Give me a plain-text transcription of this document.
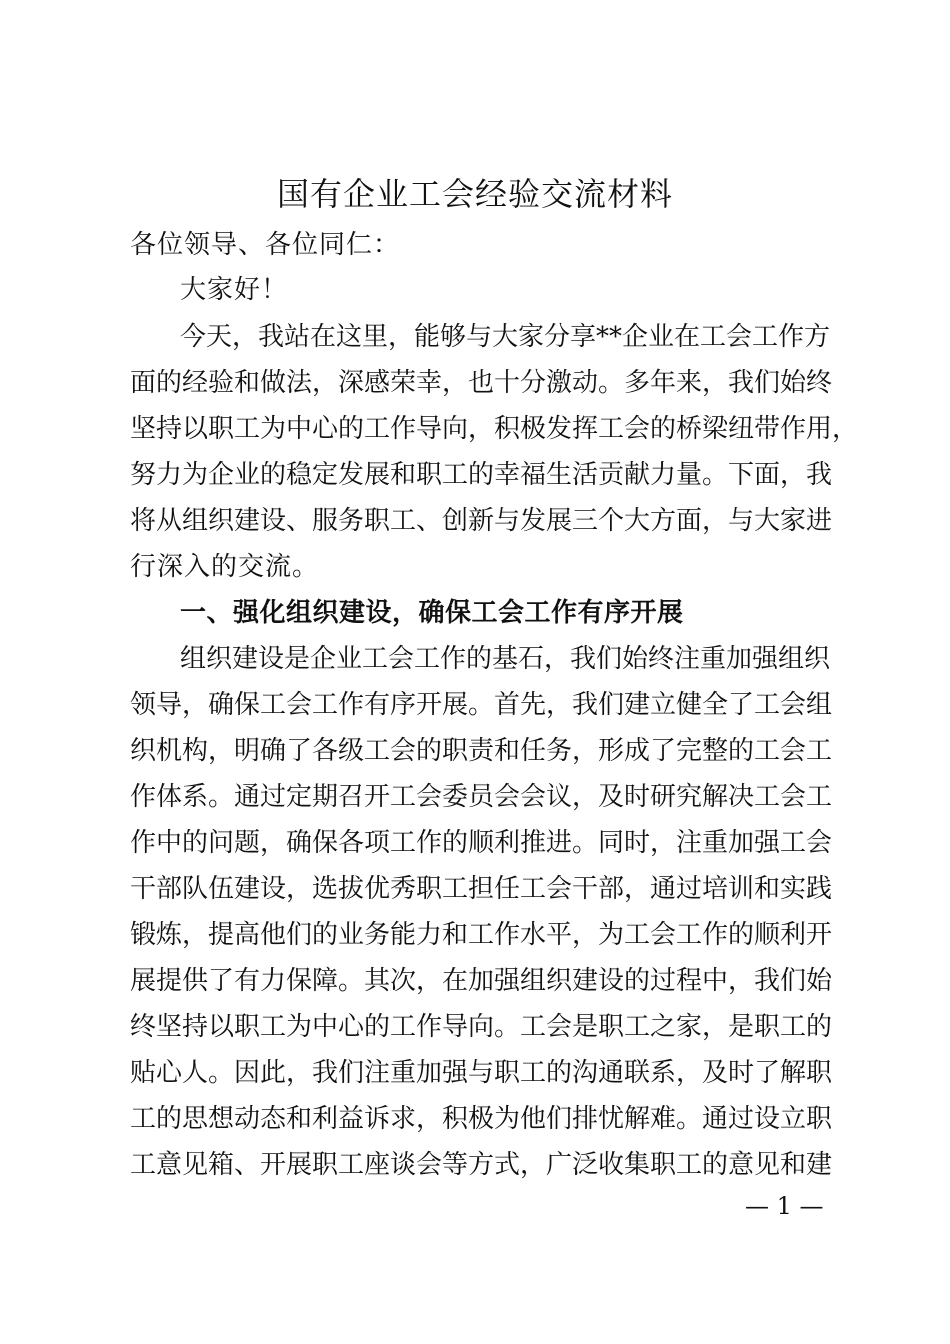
国有企业工会经验交流材料
各位领导、各位同仁：
大家好！
今天，我站在这里，能够与大家分享**企业在工会工作方
面的经验和做法，深感荣幸，也十分激动。多年来，我们始终
坚持以职工为中心的工作导向，积极发挥工会的桥梁纽带作用，
努力为企业的稳定发展和职工的幸福生活贡献力量。下面，我
将从组织建设、服务职工、创新与发展三个大方面，与大家进
行深入的交流。
一、强化组织建设，确保工会工作有序开展
组织建设是企业工会工作的基石，我们始终注重加强组织
领导，确保工会工作有序开展。首先，我们建立健全了工会组
织机构，明确了各级工会的职责和任务，形成了完整的工会工
作体系。通过定期召开工会委员会会议，及时研究解决工会工
作中的问题，确保各项工作的顺利推进。同时，注重加强工会
干部队伍建设，选拔优秀职工担任工会干部，通过培训和实践
锻炼，提高他们的业务能力和工作水平，为工会工作的顺利开
展提供了有力保障。其次，在加强组织建设的过程中，我们始
终坚持以职工为中心的工作导向。工会是职工之家，是职工的
贴心人。因此，我们注重加强与职工的沟通联系，及时了解职
工的思想动态和利益诉求，积极为他们排忧解难。通过设立职
工意见箱、开展职工座谈会等方式，广泛收集职工的意见和建
— 1 —
